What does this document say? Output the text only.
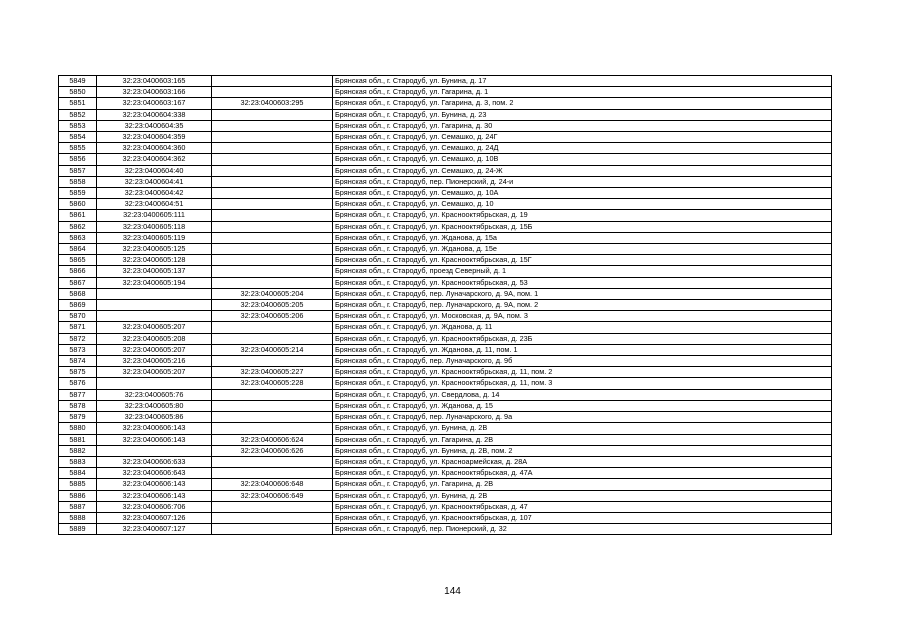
5849	32:23:0400603:165		Брянская обл., г. Стародуб, ул. Бунина, д. 17
5850	32:23:0400603:166		Брянская обл., г. Стародуб, ул. Гагарина, д. 1
5851	32:23:0400603:167	32:23:0400603:295	Брянская обл., г. Стародуб, ул. Гагарина, д. 3, пом. 2
5852	32:23:0400604:338		Брянская обл., г. Стародуб, ул. Бунина, д. 23
5853	32:23:0400604:35		Брянская обл., г. Стародуб, ул. Гагарина, д. 30
5854	32:23:0400604:359		Брянская обл., г. Стародуб, ул. Семашко, д. 24Г
5855	32:23:0400604:360		Брянская обл., г. Стародуб, ул. Семашко, д. 24Д
5856	32:23:0400604:362		Брянская обл., г. Стародуб, ул. Семашко, д. 10В
5857	32:23:0400604:40		Брянская обл., г. Стародуб, ул. Семашко, д. 24-Ж
5858	32:23:0400604:41		Брянская обл., г. Стародуб, пер. Пионерский, д. 24-и
5859	32:23:0400604:42		Брянская обл., г. Стародуб, ул. Семашко, д. 10А
5860	32:23:0400604:51		Брянская обл., г. Стародуб, ул. Семашко, д. 10
5861	32:23:0400605:111		Брянская обл., г. Стародуб, ул. Краснооктябрьская, д. 19
5862	32:23:0400605:118		Брянская обл., г. Стародуб, ул. Краснооктябрьская, д. 15Б
5863	32:23:0400605:119		Брянская обл., г. Стародуб, ул. Жданова, д. 15а
5864	32:23:0400605:125		Брянская обл., г. Стародуб, ул. Жданова, д. 15е
5865	32:23:0400605:128		Брянская обл., г. Стародуб, ул. Краснооктябрьская, д. 15Г
5866	32:23:0400605:137		Брянская обл., г. Стародуб, проезд Северный, д. 1
5867	32:23:0400605:194		Брянская обл., г. Стародуб, ул. Краснооктябрьская, д. 53
5868		32:23:0400605:204	Брянская обл., г. Стародуб, пер. Луначарского, д. 9А, пом. 1
5869		32:23:0400605:205	Брянская обл., г. Стародуб, пер. Луначарского, д. 9А, пом. 2
5870		32:23:0400605:206	Брянская обл., г. Стародуб, ул. Московская, д. 9А, пом. 3
5871	32:23:0400605:207		Брянская обл., г. Стародуб, ул. Жданова, д. 11
5872	32:23:0400605:208		Брянская обл., г. Стародуб, ул. Краснооктябрьская, д. 23Б
5873	32:23:0400605:207	32:23:0400605:214	Брянская обл., г. Стародуб, ул. Жданова, д. 11, пом. 1
5874	32:23:0400605:216		Брянская обл., г. Стародуб, пер. Луначарского, д. 9б
5875	32:23:0400605:207	32:23:0400605:227	Брянская обл., г. Стародуб, ул. Краснооктябрьская, д. 11, пом. 2
5876		32:23:0400605:228	Брянская обл., г. Стародуб, ул. Краснооктябрьская, д. 11, пом. 3
5877	32:23:0400605:76		Брянская обл., г. Стародуб, ул. Свердлова, д. 14
5878	32:23:0400605:80		Брянская обл., г. Стародуб, ул. Жданова, д. 15
5879	32:23:0400605:86		Брянская обл., г. Стародуб, пер. Луначарского, д. 9а
5880	32:23:0400606:143		Брянская обл., г. Стародуб, ул. Бунина, д. 2В
5881	32:23:0400606:143	32:23:0400606:624	Брянская обл., г. Стародуб, ул. Гагарина, д. 2В
5882		32:23:0400606:626	Брянская обл., г. Стародуб, ул. Бунина, д. 2В, пом. 2
5883	32:23:0400606:633		Брянская обл., г. Стародуб, ул. Красноармейская, д. 28А
5884	32:23:0400606:643		Брянская обл., г. Стародуб, ул. Краснооктябрьская, д. 47А
5885	32:23:0400606:143	32:23:0400606:648	Брянская обл., г. Стародуб, ул. Гагарина, д. 2В
5886	32:23:0400606:143	32:23:0400606:649	Брянская обл., г. Стародуб, ул. Бунина, д. 2В
5887	32:23:0400606:706		Брянская обл., г. Стародуб, ул. Краснооктябрьская, д. 47
5888	32:23:0400607:126		Брянская обл., г. Стародуб, ул. Краснооктябрьская, д. 107
5889	32:23:0400607:127		Брянская обл., г. Стародуб, пер. Пионерский, д. 32
144
